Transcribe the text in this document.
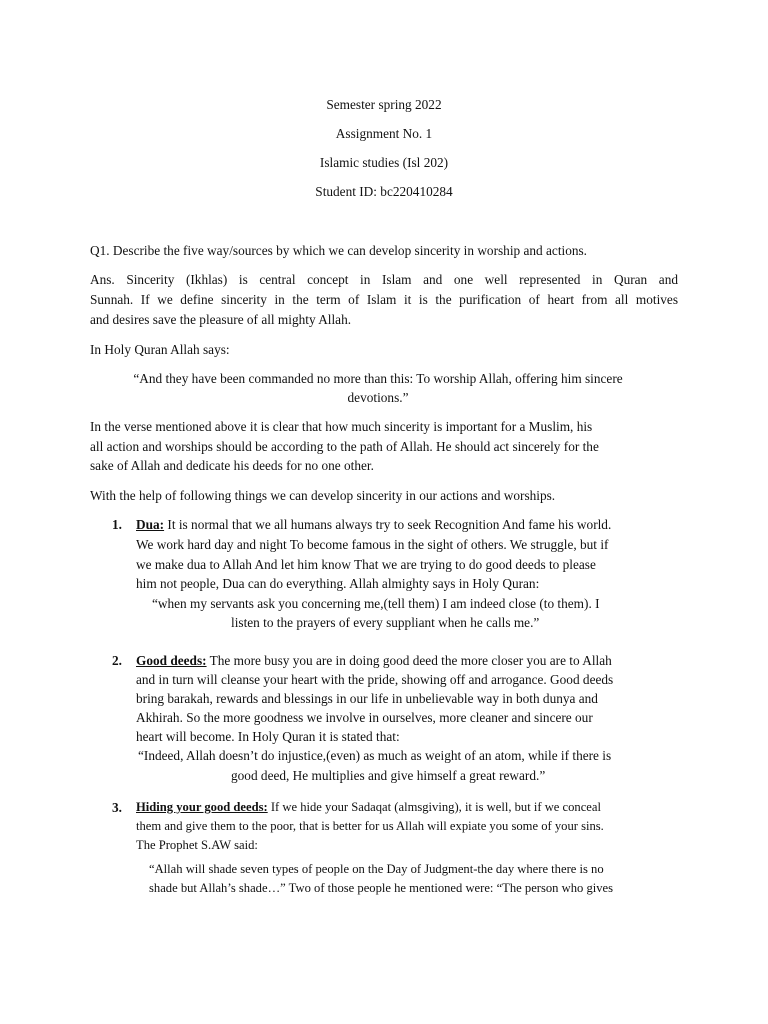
Semester spring 2022
Assignment No. 1
Islamic studies (Isl 202)
Student ID: bc220410284
Q1. Describe the five way/sources by which we can develop sincerity in worship and actions.
Ans. Sincerity (Ikhlas) is central concept in Islam and one well represented in Quran and
Sunnah. If we define sincerity in the term of Islam it is the purification of heart from all motives
and desires save the pleasure of all mighty Allah.
In Holy Quran Allah says:
“And they have been commanded no more than this: To worship Allah, offering him sincere
devotions.”
In the verse mentioned above it is clear that how much sincerity is important for a Muslim, his
all action and worships should be according to the path of Allah. He should act sincerely for the
sake of Allah and dedicate his deeds for no one other.
With the help of following things we can develop sincerity in our actions and worships.
1. Dua: It is normal that we all humans always try to seek Recognition And fame his world.
We work hard day and night To become famous in the sight of others. We struggle, but if
we make dua to Allah And let him know That we are trying to do good deeds to please
him not people, Dua can do everything. Allah almighty says in Holy Quran:
“when my servants ask you concerning me,(tell them) I am indeed close (to them). I
listen to the prayers of every suppliant when he calls me.”
2. Good deeds: The more busy you are in doing good deed the more closer you are to Allah
and in turn will cleanse your heart with the pride, showing off and arrogance. Good deeds
bring barakah, rewards and blessings in our life in unbelievable way in both dunya and
Akhirah. So the more goodness we involve in ourselves, more cleaner and sincere our
heart will become. In Holy Quran it is stated that:
“Indeed, Allah doesn’t do injustice,(even) as much as weight of an atom, while if there is
good deed, He multiplies and give himself a great reward.”
3. Hiding your good deeds: If we hide your Sadaqat (almsgiving), it is well, but if we conceal
them and give them to the poor, that is better for us Allah will expiate you some of your sins.
The Prophet S.AW said:
“Allah will shade seven types of people on the Day of Judgment-the day where there is no
shade but Allah’s shade…” Two of those people he mentioned were: “The person who gives
